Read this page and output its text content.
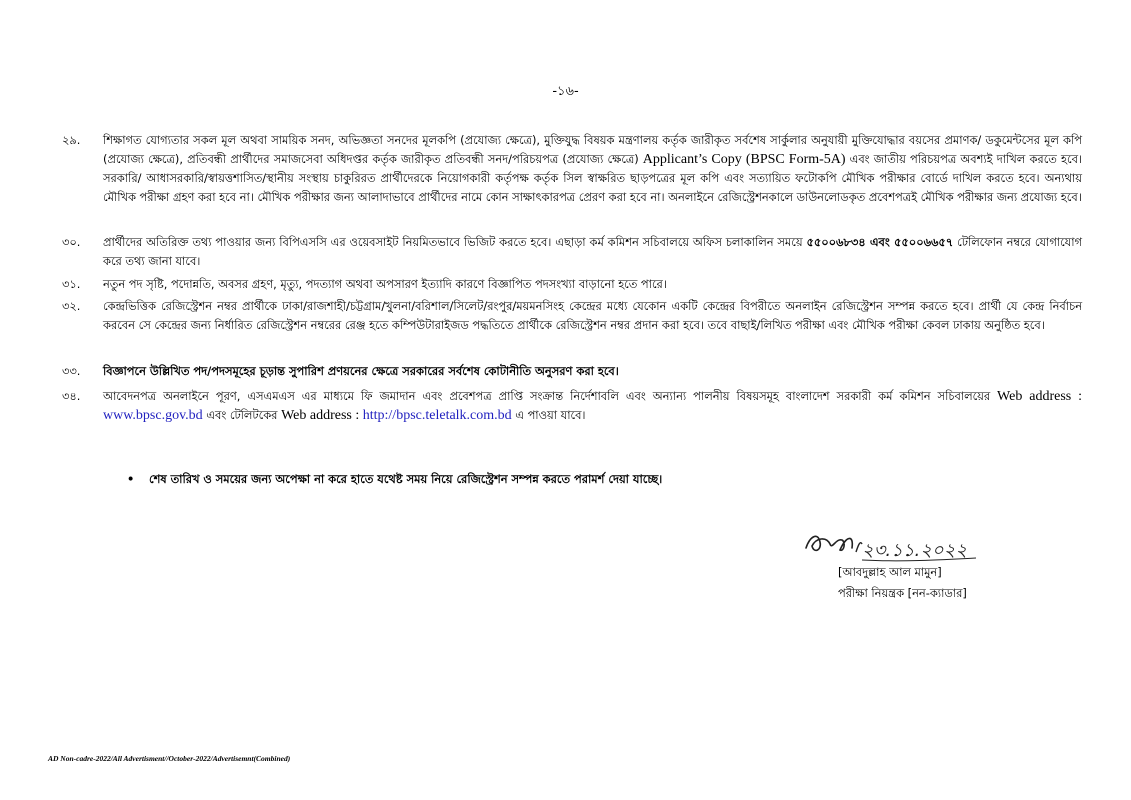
-১৬-
২৯.	শিক্ষাগত যোগ্যতার সকল মূল অথবা সাময়িক সনদ, অভিজ্ঞতা সনদের মূলকপি (প্রযোজ্য ক্ষেত্রে), মুক্তিযুদ্ধ বিষয়ক মন্ত্রণালয় কর্তৃক জারীকৃত সর্বশেষ সার্কুলার অনুযায়ী মুক্তিযোদ্ধার বয়সের প্রমাণক/ ডকুমেন্টসের মূল কপি (প্রযোজ্য ক্ষেত্রে), প্রতিবন্ধী প্রার্থীদের সমাজসেবা অধিদপ্তর কর্তৃক জারীকৃত প্রতিবন্ধী সনদ/পরিচয়পত্র (প্রযোজ্য ক্ষেত্রে) Applicant’s Copy (BPSC Form-5A) এবং জাতীয় পরিচয়পত্র অবশ্যই দাখিল করতে হবে। সরকারি/ আধাসরকারি/স্বায়ত্তশাসিত/স্থানীয় সংস্থায় চাকুরিরত প্রার্থীদেরকে নিয়োগকারী কর্তৃপক্ষ কর্তৃক সিল স্বাক্ষরিত ছাড়পত্রের মূল কপি এবং সত্যায়িত ফটোকপি মৌখিক পরীক্ষার বোর্ডে দাখিল করতে হবে। অন্যথায় মৌখিক পরীক্ষা গ্রহণ করা হবে না। মৌখিক পরীক্ষার জন্য আলাদাভাবে প্রার্থীদের নামে কোন সাক্ষাৎকারপত্র প্রেরণ করা হবে না। অনলাইনে রেজিস্ট্রেশনকালে ডাউনলোডকৃত প্রবেশপত্রই মৌখিক পরীক্ষার জন্য প্রযোজ্য হবে।
৩০.	প্রার্থীদের অতিরিক্ত তথ্য পাওয়ার জন্য বিপিএসসি এর ওয়েবসাইট নিয়মিতভাবে ভিজিট করতে হবে। এছাড়া কর্ম কমিশন সচিবালয়ে অফিস চলাকালিন সময়ে ৫৫০০৬৮৩৪ এবং ৫৫০০৬৬৫৭ টেলিফোন নম্বরে যোগাযোগ করে তথ্য জানা যাবে।
৩১.	নতুন পদ সৃষ্টি, পদোন্নতি, অবসর গ্রহণ, মৃত্যু, পদত্যাগ অথবা অপসারণ ইত্যাদি কারণে বিজ্ঞাপিত পদসংখ্যা বাড়ানো হতে পারে।
৩২.	কেন্দ্রভিত্তিক রেজিস্ট্রেশন নম্বর প্রার্থীকে ঢাকা/রাজশাহী/চট্টগ্রাম/খুলনা/বরিশাল/সিলেট/রংপুর/ময়মনসিংহ কেন্দ্রের মধ্যে যেকোন একটি কেন্দ্রের বিপরীতে অনলাইন রেজিস্ট্রেশন সম্পন্ন করতে হবে। প্রার্থী যে কেন্দ্র নির্বাচন করবেন সে কেন্দ্রের জন্য নির্ধারিত রেজিস্ট্রেশন নম্বরের রেঞ্জ হতে কম্পিউটারাইজড পদ্ধতিতে প্রার্থীকে রেজিস্ট্রেশন নম্বর প্রদান করা হবে। তবে বাছাই/লিখিত পরীক্ষা এবং মৌখিক পরীক্ষা কেবল ঢাকায় অনুষ্ঠিত হবে।
৩৩.	বিজ্ঞাপনে উল্লিখিত পদ/পদসমূহের চূড়ান্ত সুপারিশ প্রণয়নের ক্ষেত্রে সরকারের সর্বশেষ কোটানীতি অনুসরণ করা হবে।
৩৪.	আবেদনপত্র অনলাইনে পূরণ, এসএমএস এর মাধ্যমে ফি জমাদান এবং প্রবেশপত্র প্রাপ্তি সংক্রান্ত নির্দেশাবলি এবং অন্যান্য পালনীয় বিষয়সমূহ বাংলাদেশ সরকারী কর্ম কমিশন সচিবালয়ের Web address : www.bpsc.gov.bd এবং টেলিটকের Web address : http://bpsc.teletalk.com.bd এ পাওয়া যাবে।
• শেষ তারিখ ও সময়ের জন্য অপেক্ষা না করে হাতে যথেষ্ট সময় নিয়ে রেজিস্ট্রেশন সম্পন্ন করতে পরামর্শ দেয়া যাচ্ছে।
২৩.১১.২০২২
[আবদুল্লাহ আল মামুন]
পরীক্ষা নিয়ন্ত্রক [নন-ক্যাডার]
AD Non-cadre-2022/All Advertisment//October-2022/Advertisemnt(Combined)
